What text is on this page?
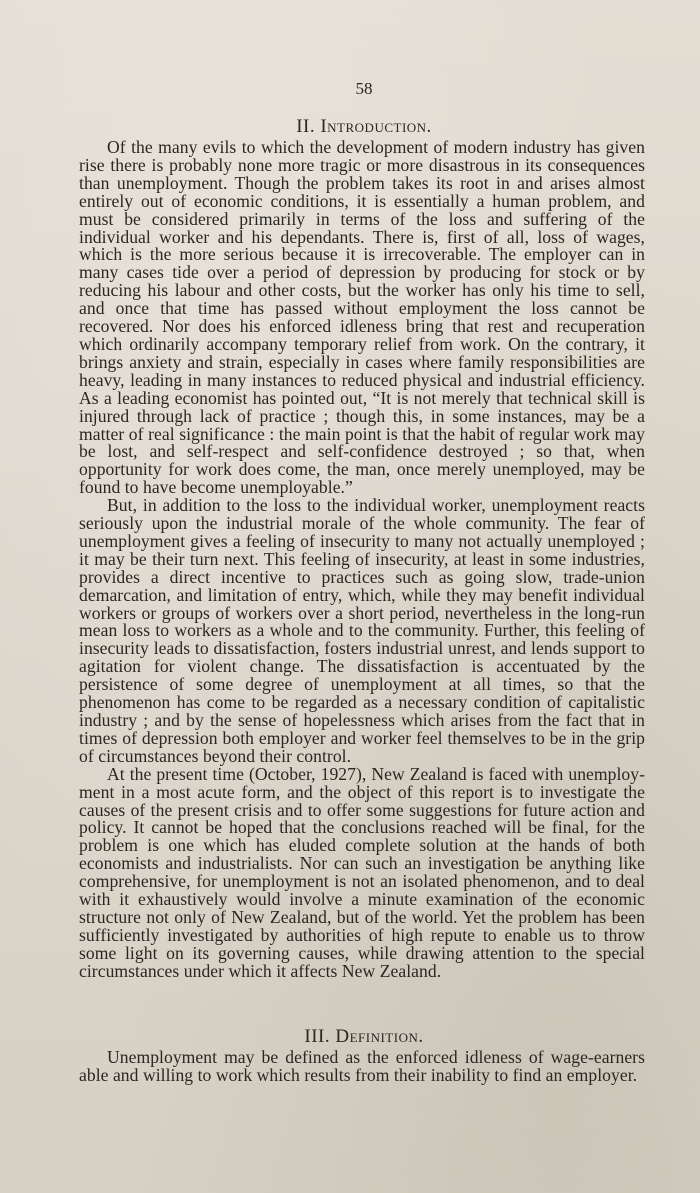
58
II. Introduction.

Of the many evils to which the development of modern industry has given rise there is probably none more tragic or more disastrous in its consequences than unemployment. Though the problem takes its root in and arises almost entirely out of economic conditions, it is essentially a human problem, and must be considered primarily in terms of the loss and suffering of the individual worker and his dependants. There is, first of all, loss of wages, which is the more serious because it is irrecoverable. The employer can in many cases tide over a period of depression by producing for stock or by reducing his labour and other costs, but the worker has only his time to sell, and once that time has passed without employment the loss cannot be recovered. Nor does his enforced idleness bring that rest and recuperation which ordinarily accompany temporary relief from work. On the contrary, it brings anxiety and strain, especially in cases where family responsibilities are heavy, leading in many instances to reduced physical and industrial efficiency. As a leading economist has pointed out, “It is not merely that technical skill is injured through lack of practice ; though this, in some instances, may be a matter of real significance : the main point is that the habit of regular work may be lost, and self-respect and self-confidence destroyed ; so that, when opportunity for work does come, the man, once merely unemployed, may be found to have become unemployable.”

But, in addition to the loss to the individual worker, unemployment reacts seriously upon the industrial morale of the whole community. The fear of unemployment gives a feeling of insecurity to many not actually unemployed ; it may be their turn next. This feeling of insecurity, at least in some industries, provides a direct incentive to practices such as going slow, trade-union demarcation, and limitation of entry, which, while they may benefit individual workers or groups of workers over a short period, nevertheless in the long-run mean loss to workers as a whole and to the community. Further, this feeling of insecurity leads to dissatisfaction, fosters industrial unrest, and lends support to agitation for violent change. The dissatisfaction is accentuated by the persistence of some degree of unemployment at all times, so that the phenomenon has come to be regarded as a necessary condition of capitalistic industry ; and by the sense of hopelessness which arises from the fact that in times of depression both employer and worker feel themselves to be in the grip of circumstances beyond their control.

At the present time (October, 1927), New Zealand is faced with unemployment in a most acute form, and the object of this report is to investigate the causes of the present crisis and to offer some suggestions for future action and policy. It cannot be hoped that the conclusions reached will be final, for the problem is one which has eluded complete solution at the hands of both economists and industrialists. Nor can such an investigation be anything like comprehensive, for unemployment is not an isolated phenomenon, and to deal with it exhaustively would involve a minute examination of the economic structure not only of New Zealand, but of the world. Yet the problem has been sufficiently investigated by authorities of high repute to enable us to throw some light on its governing causes, while drawing attention to the special circumstances under which it affects New Zealand.

III. Definition.

Unemployment may be defined as the enforced idleness of wage-earners able and willing to work which results from their inability to find an employer.
